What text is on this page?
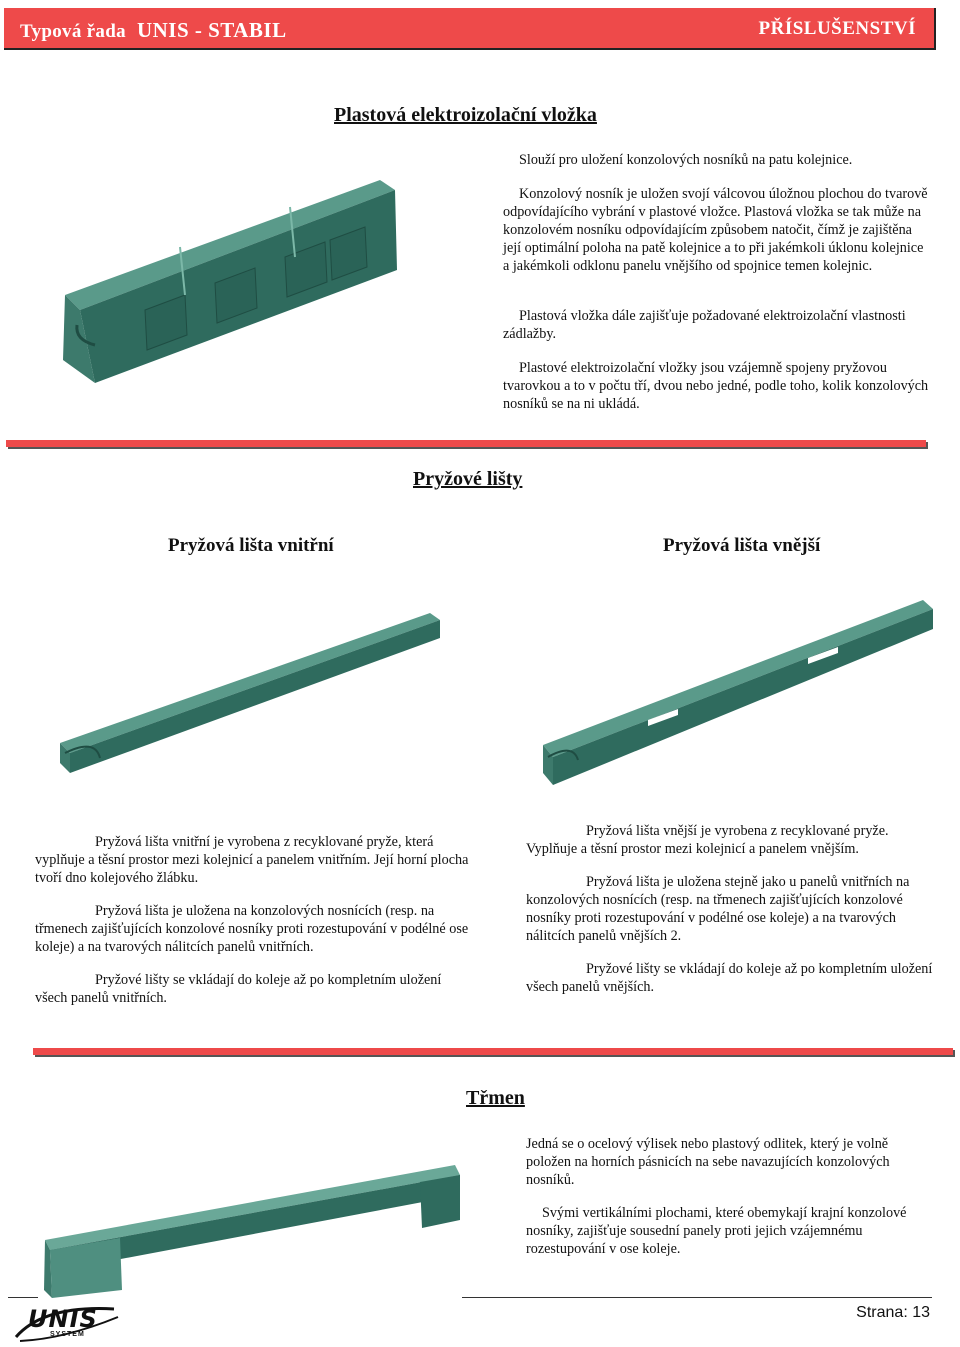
Typová řada UNIS - STABIL	PŘÍSLUŠENSTVÍ
Plastová elektroizolační vložka

Slouží pro uložení konzolových nosníků na patu kolejnice.

Konzolový nosník je uložen svojí válcovou úložnou plochou do tvarově odpovídajícího vybrání v plastové vložce. Plastová vložka se tak může na konzolovém nosníku odpovídajícím způsobem natočit, čímž je zajištěna její optimální poloha na patě kolejnice a to při jakémkoli úklonu kolejnice a jakémkoli odklonu panelu vnějšího od spojnice temen kolejnic.

Plastová vložka dále zajišťuje požadované elektroizolační vlastnosti zádlažby.

Plastové elektroizolační vložky jsou vzájemně spojeny pryžovou tvarovkou a to v počtu tří, dvou nebo jedné, podle toho, kolik konzolových nosníků se na ni ukládá.

Pryžové lišty
Pryžová lišta vnitřní	Pryžová lišta vnější

Pryžová lišta vnitřní je vyrobena z recyklované pryže, která vyplňuje a těsní prostor mezi kolejnicí a panelem vnitřním. Její horní plocha tvoří dno kolejového žlábku.

Pryžová lišta je uložena na konzolových nosnících (resp. na třmenech zajišťujících konzolové nosníky proti rozestupování v podélné ose koleje) a na tvarových nálitcích panelů vnitřních.

Pryžové lišty se vkládají do koleje až po kompletním uložení všech panelů vnitřních.

Pryžová lišta vnější je vyrobena z recyklované pryže. Vyplňuje a těsní prostor mezi kolejnicí a panelem vnějším.

Pryžová lišta je uložena stejně jako u panelů vnitřních na konzolových nosnících (resp. na třmenech zajišťujících konzolové nosníky proti rozestupování v podélné ose koleje) a na tvarových nálitcích panelů vnějších 2.

Pryžové lišty se vkládají do koleje až po kompletním uložení všech panelů vnějších.

Třmen

Jedná se o ocelový výlisek nebo plastový odlitek, který je volně položen na horních pásnicích na sebe navazujících konzolových nosníků.

Svými vertikálními plochami, které obemykají krajní konzolové nosníky, zajišťuje sousední panely proti jejich vzájemnému rozestupování v ose koleje.

UNIS
SYSTEM
Strana: 13
